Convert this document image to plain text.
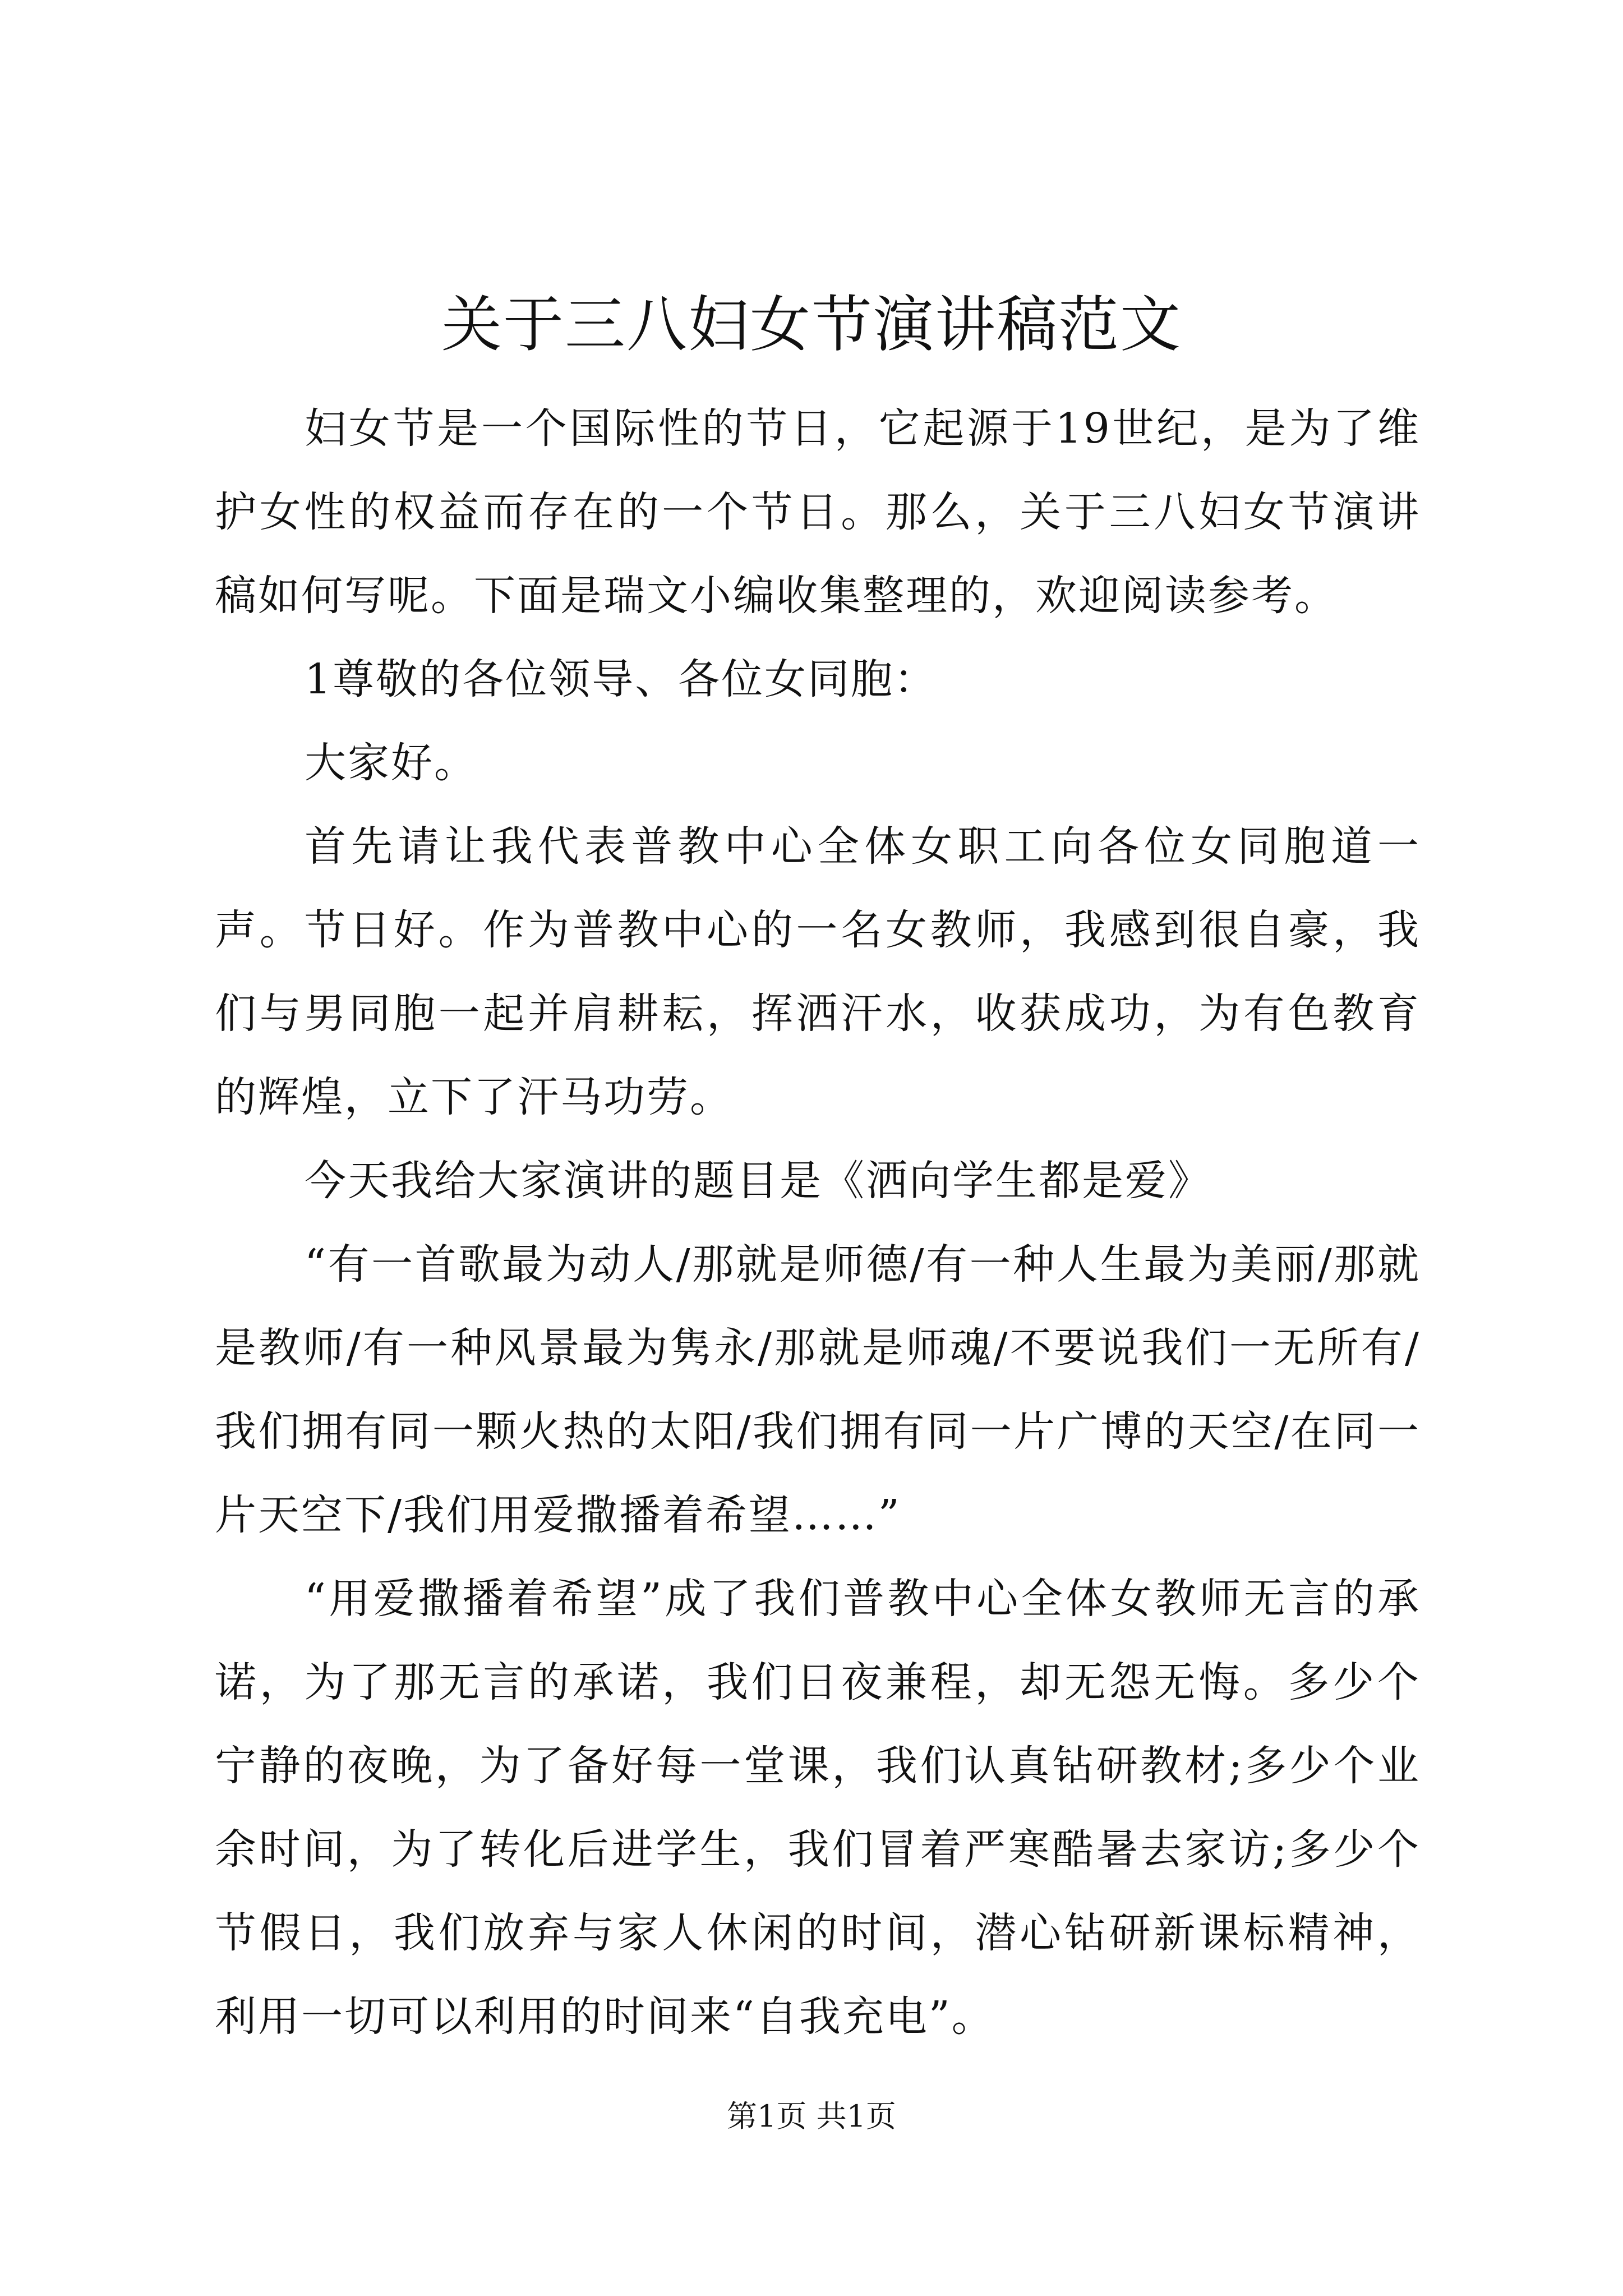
关于三八妇女节演讲稿范文

妇女节是一个国际性的节日，它起源于19世纪，是为了维护女性的权益而存在的一个节日。那么，关于三八妇女节演讲稿如何写呢。下面是瑞文小编收集整理的，欢迎阅读参考。

1尊敬的各位领导、各位女同胞：

大家好。

首先请让我代表普教中心全体女职工向各位女同胞道一声。节日好。作为普教中心的一名女教师，我感到很自豪，我们与男同胞一起并肩耕耘，挥洒汗水，收获成功，为有色教育的辉煌，立下了汗马功劳。

今天我给大家演讲的题目是《洒向学生都是爱》

“有一首歌最为动人/那就是师德/有一种人生最为美丽/那就是教师/有一种风景最为隽永/那就是师魂/不要说我们一无所有/我们拥有同一颗火热的太阳/我们拥有同一片广博的天空/在同一片天空下/我们用爱撒播着希望……”

“用爱撒播着希望”成了我们普教中心全体女教师无言的承诺，为了那无言的承诺，我们日夜兼程，却无怨无悔。多少个宁静的夜晚，为了备好每一堂课，我们认真钻研教材;多少个业余时间，为了转化后进学生，我们冒着严寒酷暑去家访;多少个节假日，我们放弃与家人休闲的时间，潜心钻研新课标精神，利用一切可以利用的时间来“自我充电”。

第1页 共1页
